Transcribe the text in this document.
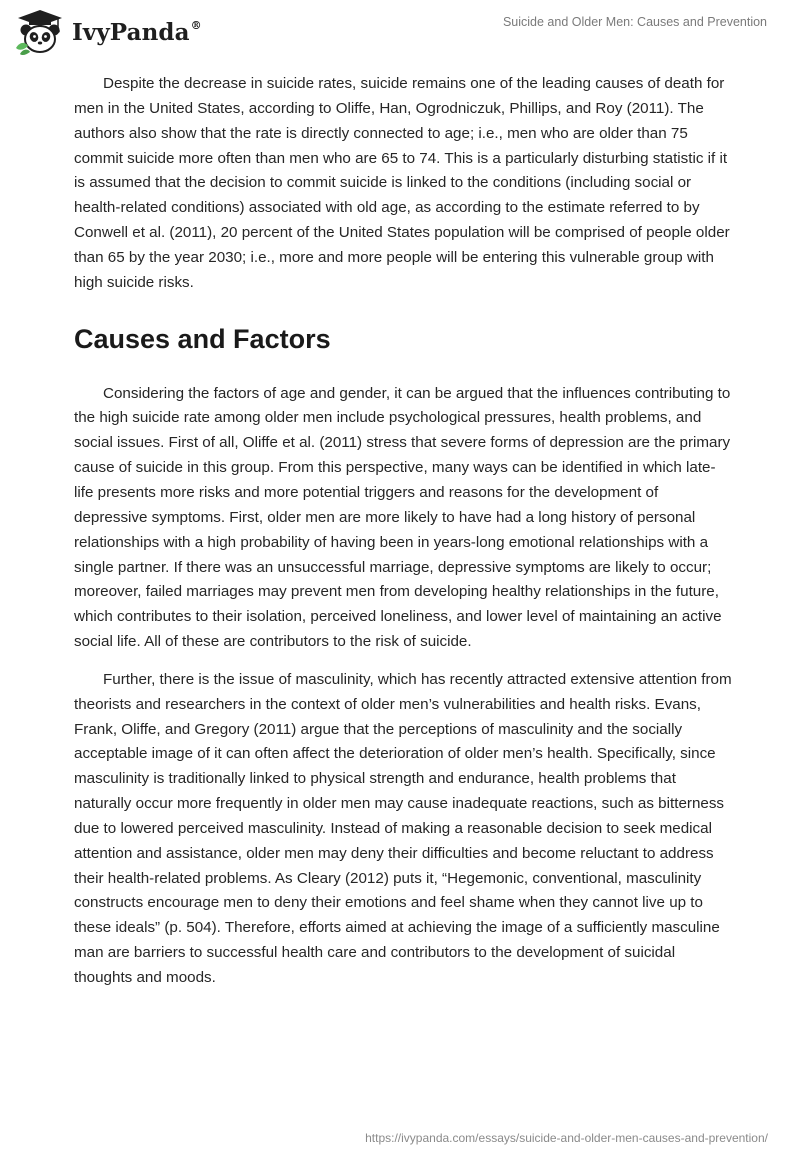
IvyPanda®	Suicide and Older Men: Causes and Prevention

Despite the decrease in suicide rates, suicide remains one of the leading causes of death for men in the United States, according to Oliffe, Han, Ogrodniczuk, Phillips, and Roy (2011). The authors also show that the rate is directly connected to age; i.e., men who are older than 75 commit suicide more often than men who are 65 to 74. This is a particularly disturbing statistic if it is assumed that the decision to commit suicide is linked to the conditions (including social or health-related conditions) associated with old age, as according to the estimate referred to by Conwell et al. (2011), 20 percent of the United States population will be comprised of people older than 65 by the year 2030; i.e., more and more people will be entering this vulnerable group with high suicide risks.

Causes and Factors

Considering the factors of age and gender, it can be argued that the influences contributing to the high suicide rate among older men include psychological pressures, health problems, and social issues. First of all, Oliffe et al. (2011) stress that severe forms of depression are the primary cause of suicide in this group. From this perspective, many ways can be identified in which late-life presents more risks and more potential triggers and reasons for the development of depressive symptoms. First, older men are more likely to have had a long history of personal relationships with a high probability of having been in years-long emotional relationships with a single partner. If there was an unsuccessful marriage, depressive symptoms are likely to occur; moreover, failed marriages may prevent men from developing healthy relationships in the future, which contributes to their isolation, perceived loneliness, and lower level of maintaining an active social life. All of these are contributors to the risk of suicide.

Further, there is the issue of masculinity, which has recently attracted extensive attention from theorists and researchers in the context of older men’s vulnerabilities and health risks. Evans, Frank, Oliffe, and Gregory (2011) argue that the perceptions of masculinity and the socially acceptable image of it can often affect the deterioration of older men’s health. Specifically, since masculinity is traditionally linked to physical strength and endurance, health problems that naturally occur more frequently in older men may cause inadequate reactions, such as bitterness due to lowered perceived masculinity. Instead of making a reasonable decision to seek medical attention and assistance, older men may deny their difficulties and become reluctant to address their health-related problems. As Cleary (2012) puts it, “Hegemonic, conventional, masculinity constructs encourage men to deny their emotions and feel shame when they cannot live up to these ideals” (p. 504). Therefore, efforts aimed at achieving the image of a sufficiently masculine man are barriers to successful health care and contributors to the development of suicidal thoughts and moods.

https://ivypanda.com/essays/suicide-and-older-men-causes-and-prevention/
